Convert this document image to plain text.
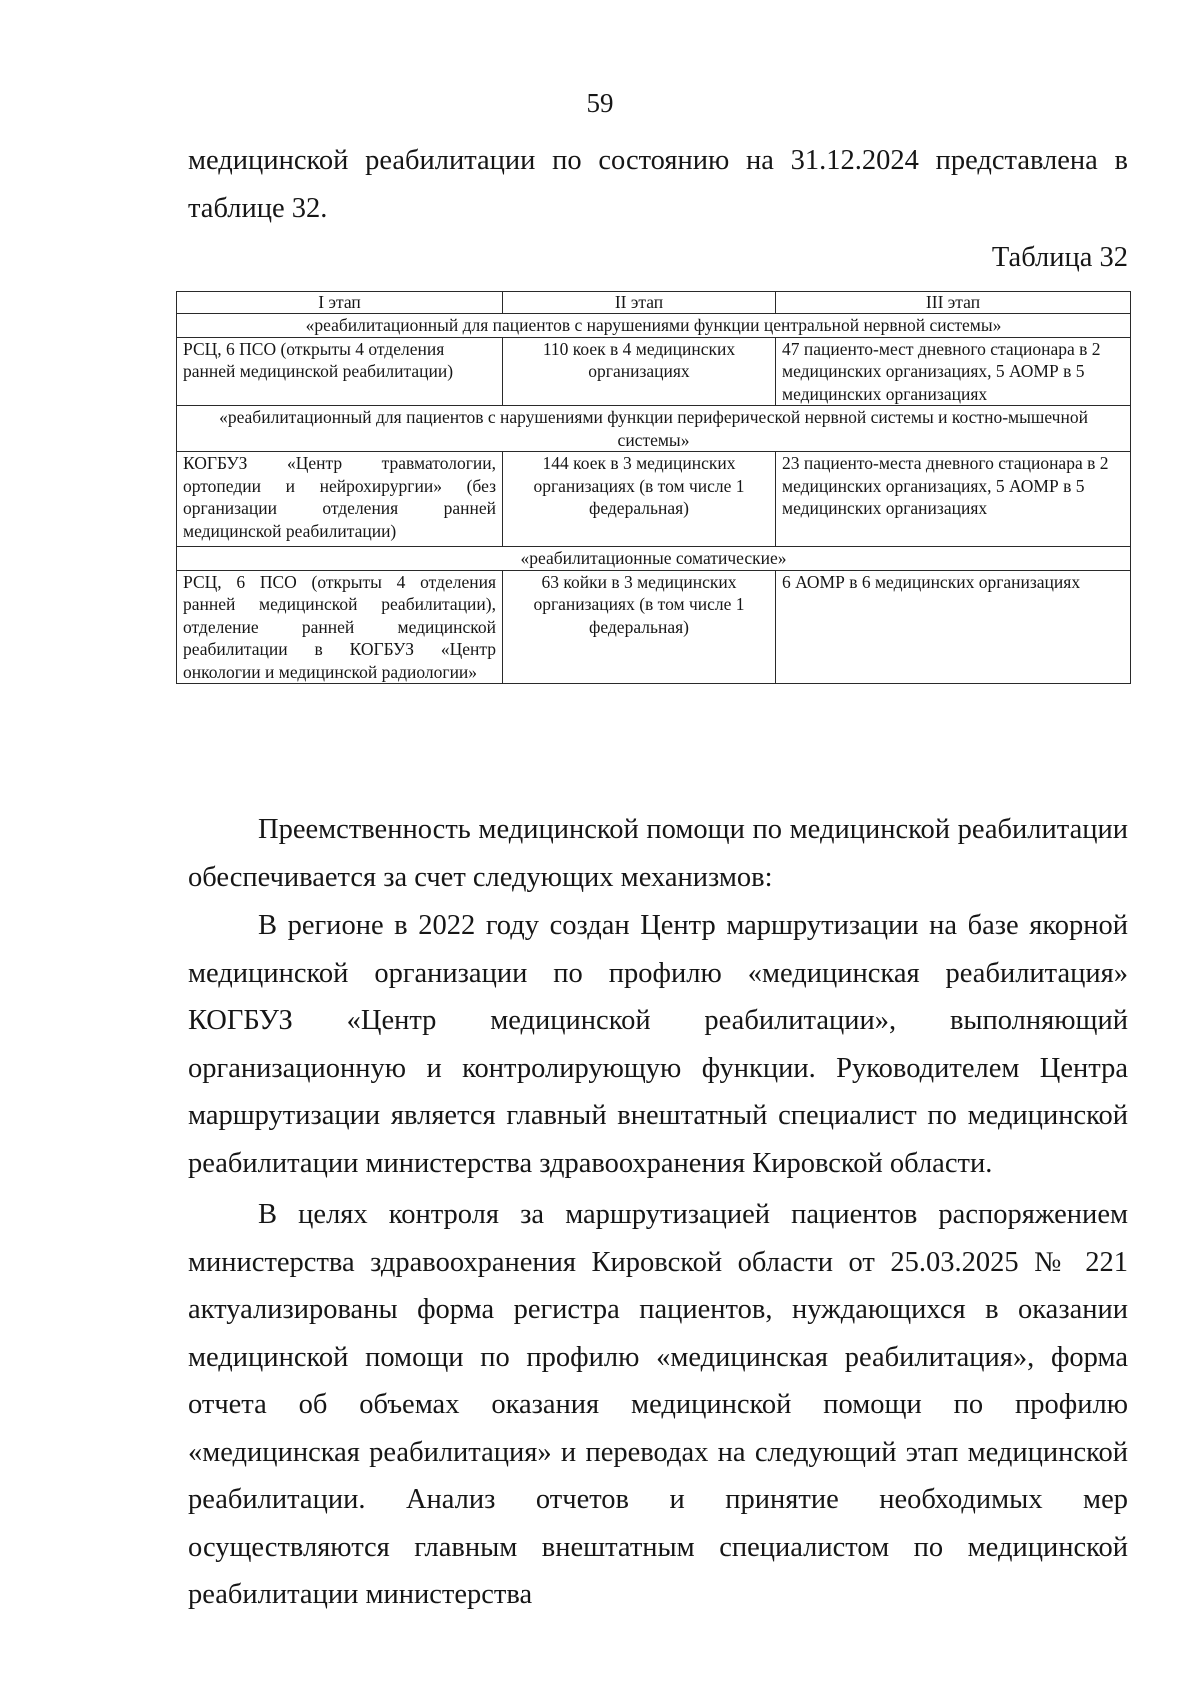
59

медицинской реабилитации по состоянию на 31.12.2024 представлена в таблице 32.

Таблица 32
I этап	II этап	III этап
«реабилитационный для пациентов с нарушениями функции центральной нервной системы»		
РСЦ, 6 ПСО (открыты 4 отделения ранней медицинской реабилитации)	110 коек в 4 медицинских организациях	47 пациенто-мест дневного стационара в 2 медицинских организациях, 5 АОМР в 5 медицинских организациях
«реабилитационный для пациентов с нарушениями функции периферической нервной системы и костно-мышечной системы»		
КОГБУЗ «Центр травматологии, ортопедии и нейрохирургии» (без организации отделения ранней медицинской реабилитации)	144 коек в 3 медицинских организациях (в том числе 1 федеральная)	23 пациенто-места дневного стационара в 2 медицинских организациях, 5 АОМР в 5 медицинских организациях
«реабилитационные соматические»		
РСЦ, 6 ПСО (открыты 4 отделения ранней медицинской реабилитации), отделение ранней медицинской реабилитации в КОГБУЗ «Центр онкологии и медицинской радиологии»	63 койки в 3 медицинских организациях (в том числе 1 федеральная)	6 АОМР в 6 медицинских организациях

Преемственность медицинской помощи по медицинской реабилитации обеспечивается за счет следующих механизмов:

В регионе в 2022 году создан Центр маршрутизации на базе якорной медицинской организации по профилю «медицинская реабилитация» КОГБУЗ «Центр медицинской реабилитации», выполняющий организационную и контролирующую функции. Руководителем Центра маршрутизации является главный внештатный специалист по медицинской реабилитации министерства здравоохранения Кировской области.

В целях контроля за маршрутизацией пациентов распоряжением министерства здравоохранения Кировской области от 25.03.2025 № 221 актуализированы форма регистра пациентов, нуждающихся в оказании медицинской помощи по профилю «медицинская реабилитация», форма отчета об объемах оказания медицинской помощи по профилю «медицинская реабилитация» и переводах на следующий этап медицинской реабилитации. Анализ отчетов и принятие необходимых мер осуществляются главным внештатным специалистом по медицинской реабилитации министерства
